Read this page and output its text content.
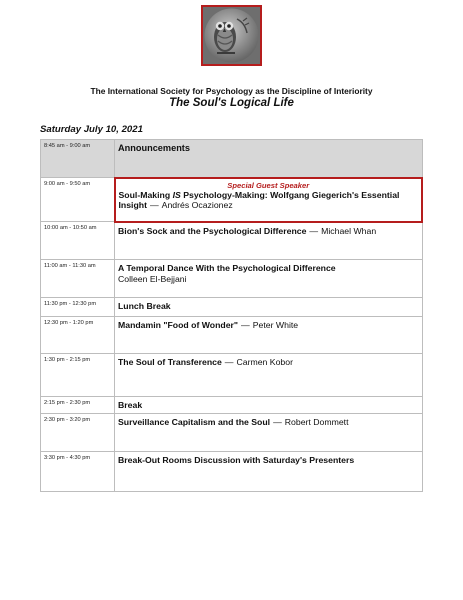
The International Society for Psychology as the Discipline of Interiority
The Soul's Logical Life
Saturday July 10, 2021
8:45 am - 9:00 am	Announcements
9:00 am - 9:50 am	Special Guest Speaker
Soul-Making IS Psychology-Making: Wolfgang Giegerich's Essential Insight — Andrés Ocazionez
10:00 am - 10:50 am	Bion's Sock and the Psychological Difference — Michael Whan
11:00 am - 11:30 am	A Temporal Dance With the Psychological Difference
Colleen El-Bejjani

11:30 pm - 12:30 pm	Lunch Break
12:30 pm - 1:20 pm	Mandamin "Food of Wonder" — Peter White
1:30 pm - 2:15 pm	The Soul of Transference — Carmen Kobor
2:15 pm - 2:30 pm	Break
2:30 pm - 3:20 pm	Surveillance Capitalism and the Soul — Robert Dommett
3:30 pm - 4:30 pm	Break-Out Rooms Discussion with Saturday's Presenters
